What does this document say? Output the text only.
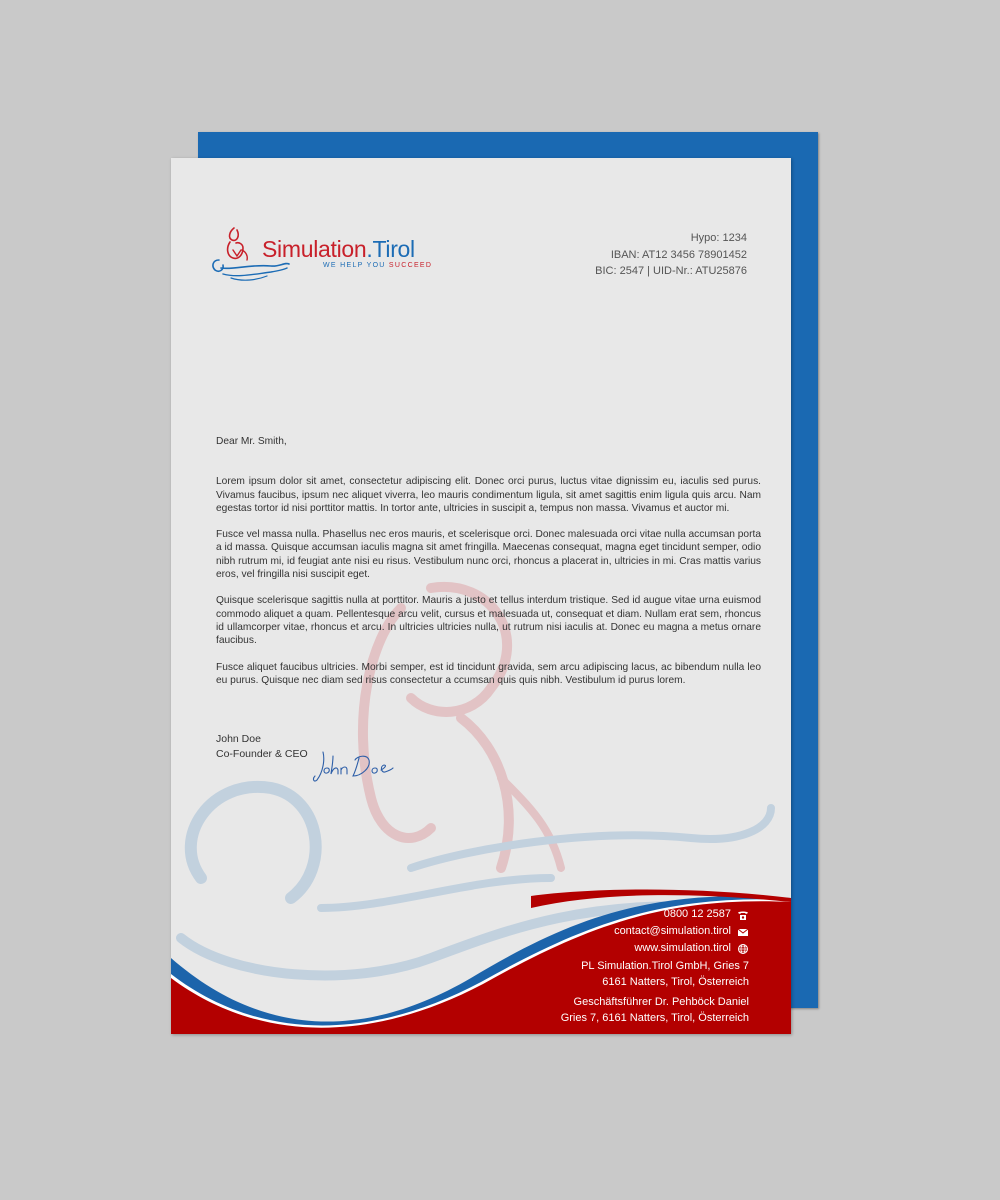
Simulation.Tirol
WE HELP YOU SUCCEED
Hypo: 1234
IBAN: AT12 3456 78901452
BIC: 2547 | UID-Nr.: ATU25876

Dear Mr. Smith,

Lorem ipsum dolor sit amet, consectetur adipiscing elit. Donec orci purus, luctus vitae dignissim eu, iaculis sed purus. Vivamus faucibus, ipsum nec aliquet viverra, leo mauris condimentum ligula, sit amet sagittis enim ligula quis arcu. Nam egestas tortor id nisi porttitor mattis. In tortor ante, ultricies in suscipit a, tempus non massa. Vivamus et auctor mi.

Fusce vel massa nulla. Phasellus nec eros mauris, et scelerisque orci. Donec malesuada orci vitae nulla accumsan porta a id massa. Quisque accumsan iaculis magna sit amet fringilla. Maecenas consequat, magna eget tincidunt semper, odio nibh rutrum mi, id feugiat ante nisi eu risus. Vestibulum nunc orci, rhoncus a placerat in, ultricies in mi. Cras mattis varius eros, vel fringilla nisi suscipit eget.

Quisque scelerisque sagittis nulla at porttitor. Mauris a justo et tellus interdum tristique. Sed id augue vitae urna euismod commodo aliquet a quam. Pellentesque arcu velit, cursus et malesuada ut, consequat et diam. Nullam erat sem, rhoncus id ullamcorper vitae, rhoncus et arcu. In ultricies ultricies nulla, ut rutrum nisi iaculis at. Donec eu magna a metus ornare faucibus.

Fusce aliquet faucibus ultricies. Morbi semper, est id tincidunt gravida, sem arcu adipiscing lacus, ac bibendum nulla leo eu purus. Quisque nec diam sed risus consectetur a ccumsan quis quis nibh. Vestibulum id purus lorem.

John Doe
Co-Founder & CEO
0800 12 2587
contact@simulation.tirol
www.simulation.tirol
PL Simulation.Tirol GmbH, Gries 7
6161 Natters, Tirol, Österreich
Geschäftsführer Dr. Pehböck Daniel
Gries 7, 6161 Natters, Tirol, Österreich
